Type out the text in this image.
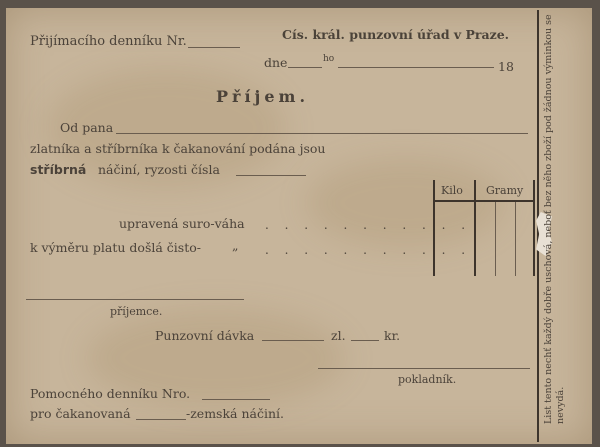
Přijímacího denníku Nr.	Cís. král. punzovní úřad v Praze.
dne	ho	18
Příjem.
Od pana
zlatníka a stříbrníka k čakanování podána jsou
stříbrná náčiní, ryzosti čísla
Kilo Gramy
upravená suro-váha . . . . . . . . . . .
k výměru platu došlá čisto- „ . . . . . . . . . . .
příjemce.
Punzovní dávka	zl.	kr.
pokladník.
Pomocného denníku Nro.
pro čakanovaná	-zemská náčiní.	List tento nechť každý dobře uschová, neboť bez něho zboží pod žádnou výminkou se nevydá.
